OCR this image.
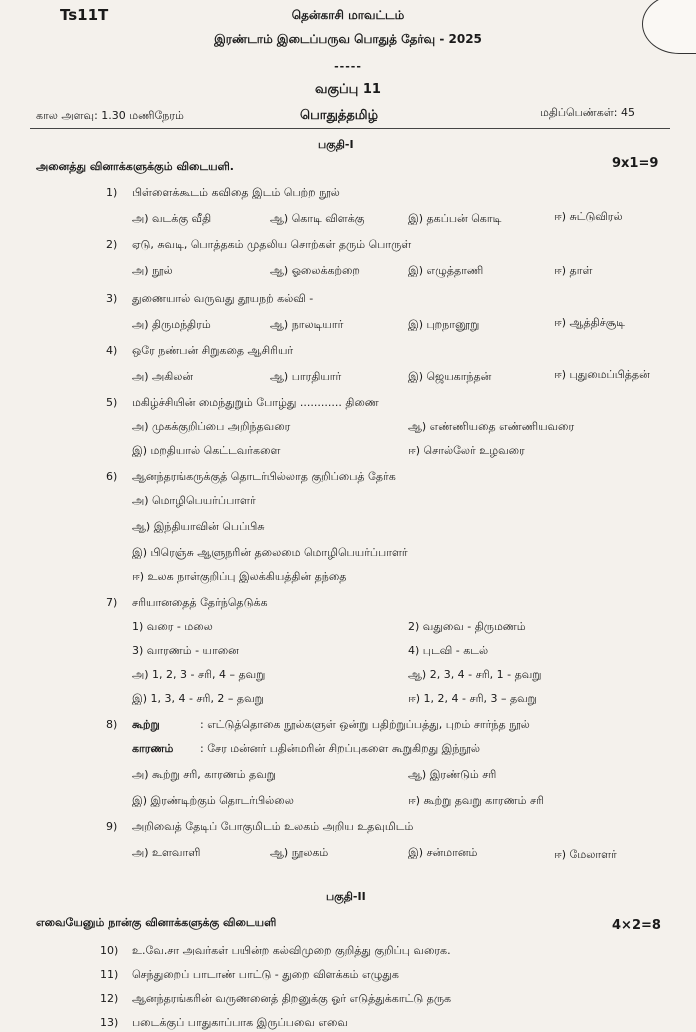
Ts11T	தென்காசி மாவட்டம்
இரண்டாம் இடைப்பருவ பொதுத் தேர்வு - 2025
-----
வகுப்பு 11
கால அளவு: 1.30 மணிநேரம்	பொதுத்தமிழ்	மதிப்பெண்கள்: 45
பகுதி-I
அனைத்து வினாக்களுக்கும் விடையளி.	9x1=9
1) பிள்ளைக்கூடம் கவிதை இடம் பெற்ற நூல்
அ) வடக்கு வீதி	ஆ) கொடி விளக்கு	இ) தகப்பன் கொடி	ஈ) சுட்டுவிரல்
2) ஏடு, சுவடி, பொத்தகம் முதலிய சொற்கள் தரும் பொருள்
அ) நூல்	ஆ) ஓலைக்கற்றை	இ) எழுத்தாணி	ஈ) தாள்
3) துணையால் வருவது தூயநற் கல்வி -
அ) திருமந்திரம்	ஆ) நாலடியார்	இ) புறநானூறு	ஈ) ஆத்திச்சூடி
4) ஒரே நண்பன் சிறுகதை ஆசிரியர்
அ) அகிலன்	ஆ) பாரதியார்	இ) ஜெயகாந்தன்	ஈ) புதுமைப்பித்தன்
5) மகிழ்ச்சியின் மைந்துறும் போழ்து ............ திணை
அ) முகக்குறிப்பை அறிந்தவரை	ஆ) எண்ணியதை எண்ணியவரை
இ) மறதியால் கெட்டவர்களை	ஈ) சொல்லேர் உழவரை
6) ஆனந்தரங்கருக்குத் தொடர்பில்லாத குறிப்பைத் தேர்க
அ) மொழிபெயர்ப்பாளர்
ஆ) இந்தியாவின் பெப்பிசு
இ) பிரெஞ்சு ஆளுநரின் தலைமை மொழிபெயர்ப்பாளர்
ஈ) உலக நாள்குறிப்பு இலக்கியத்தின் தந்தை
7) சரியானதைத் தேர்ந்தெடுக்க
1) வரை - மலை	2) வதுவை - திருமணம்
3) வாரணம் - யானை	4) புடவி - கடல்
அ) 1, 2, 3 - சரி, 4 – தவறு	ஆ) 2, 3, 4 - சரி, 1 - தவறு
இ) 1, 3, 4 - சரி, 2 – தவறு	ஈ) 1, 2, 4 - சரி, 3 – தவறு
8) கூற்று	: எட்டுத்தொகை நூல்களுள் ஒன்று பதிற்றுப்பத்து, புறம் சார்ந்த நூல்
காரணம் : சேர மன்னர் பதின்மரின் சிறப்புகளை கூறுகிறது இந்நூல்
அ) கூற்று சரி, காரணம் தவறு	ஆ) இரண்டும் சரி
இ) இரண்டிற்கும் தொடர்பில்லை	ஈ) கூற்று தவறு காரணம் சரி
9) அறிவைத் தேடிப் போகுமிடம் உலகம் அறிய உதவுமிடம்
அ) உளவாளி	ஆ) நூலகம்	இ) சன்மானம்	ஈ) மேலாளர்
பகுதி-II
எவையேனும் நான்கு வினாக்களுக்கு விடையளி	4×2=8
10) உ.வே.சா அவர்கள் பயின்ற கல்விமுறை குறித்து குறிப்பு வரைக.
11) செந்துறைப் பாடாண் பாட்டு - துறை விளக்கம் எழுதுக
12) ஆனந்தரங்கரின் வருணனைத் திறனுக்கு ஓர் எடுத்துக்காட்டு தருக
13) படைக்குப் பாதுகாப்பாக இருப்பவை எவை
